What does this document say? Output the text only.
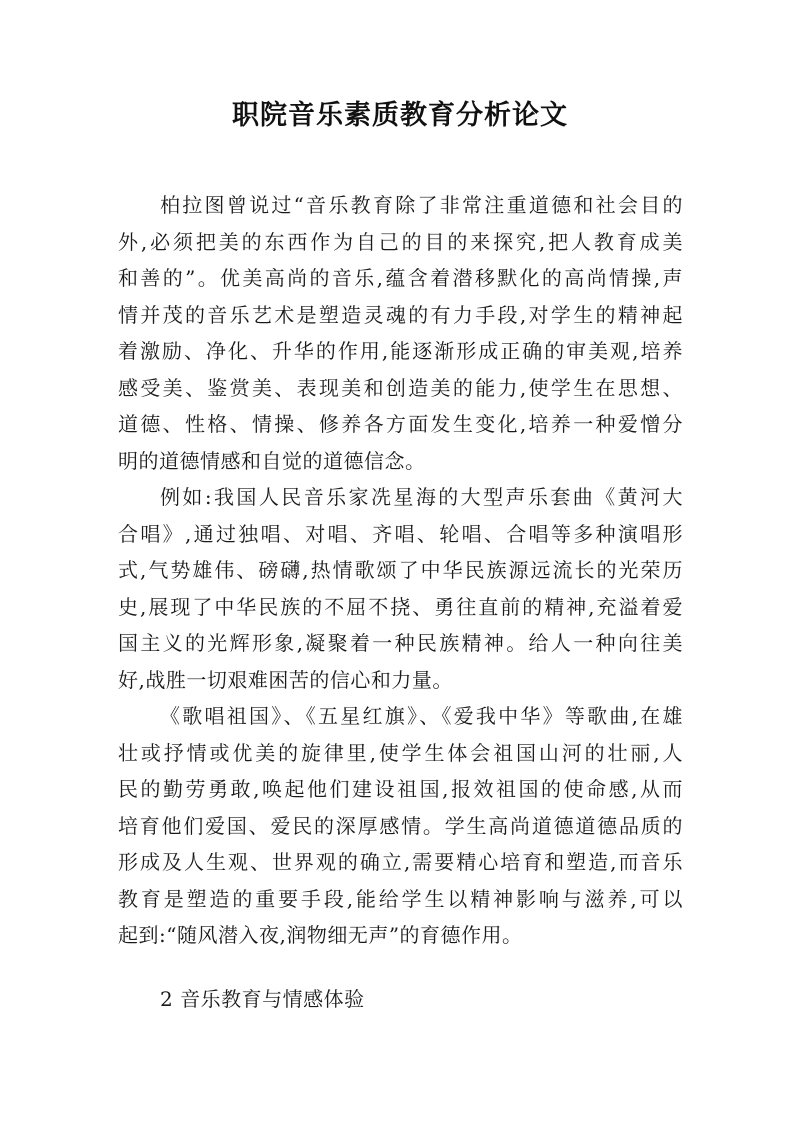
职院音乐素质教育分析论文
柏拉图曾说过“音乐教育除了非常注重道德和社会目的
外,必须把美的东西作为自己的目的来探究,把人教育成美
和善的”。优美高尚的音乐,蕴含着潜移默化的高尚情操,声
情并茂的音乐艺术是塑造灵魂的有力手段,对学生的精神起
着激励、净化、升华的作用,能逐渐形成正确的审美观,培养
感受美、鉴赏美、表现美和创造美的能力,使学生在思想、
道德、性格、情操、修养各方面发生变化,培养一种爱憎分
明的道德情感和自觉的道德信念。
例如:我国人民音乐家冼星海的大型声乐套曲《黄河大
合唱》,通过独唱、对唱、齐唱、轮唱、合唱等多种演唱形
式,气势雄伟、磅礴,热情歌颂了中华民族源远流长的光荣历
史,展现了中华民族的不屈不挠、勇往直前的精神,充溢着爱
国主义的光辉形象,凝聚着一种民族精神。给人一种向往美
好,战胜一切艰难困苦的信心和力量。
《歌唱祖国》、《五星红旗》、《爱我中华》等歌曲,在雄
壮或抒情或优美的旋律里,使学生体会祖国山河的壮丽,人
民的勤劳勇敢,唤起他们建设祖国,报效祖国的使命感,从而
培育他们爱国、爱民的深厚感情。学生高尚道德道德品质的
形成及人生观、世界观的确立,需要精心培育和塑造,而音乐
教育是塑造的重要手段,能给学生以精神影响与滋养,可以
起到:“随风潜入夜,润物细无声”的育德作用。
2 音乐教育与情感体验
